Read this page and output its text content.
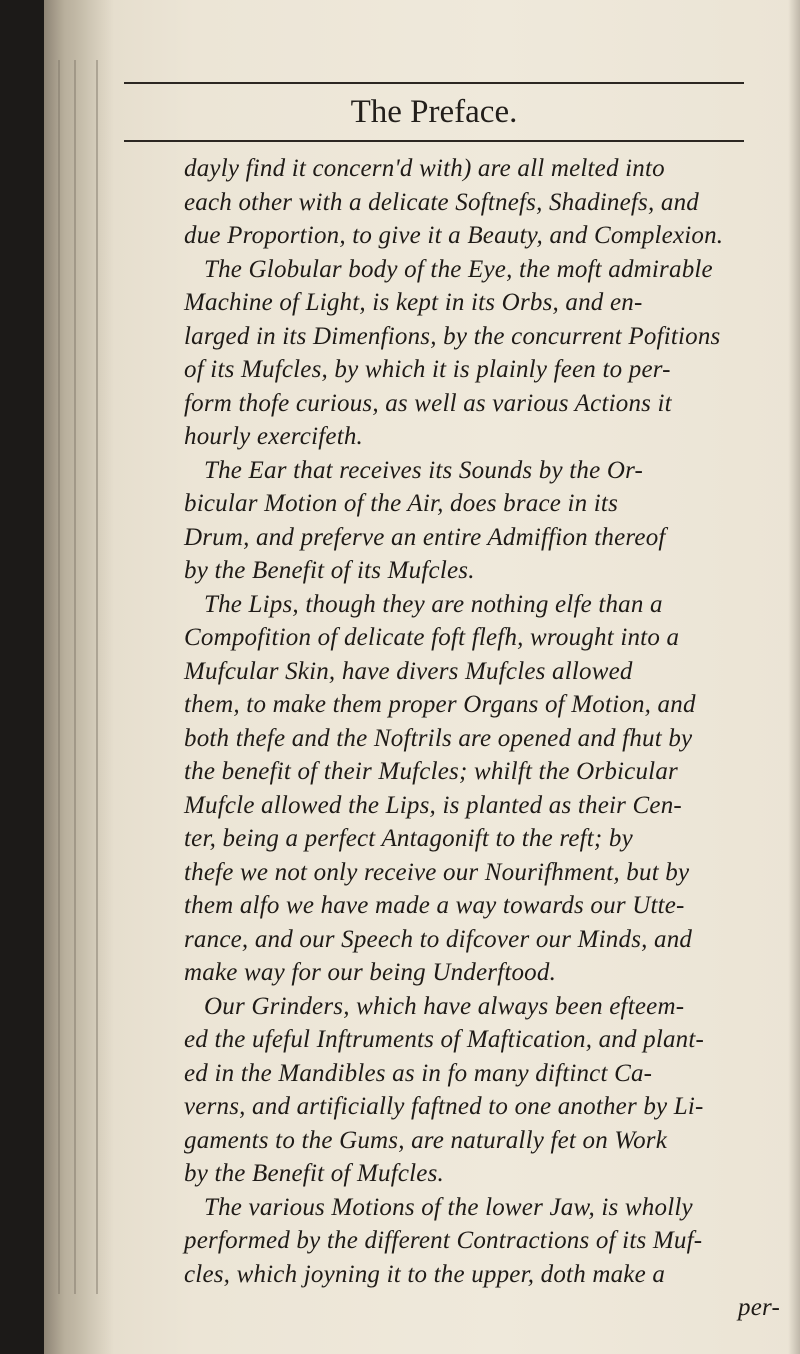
The Preface.
dayly find it concern'd with) are all melted into
each other with a delicate Softnefs, Shadinefs, and
due Proportion, to give it a Beauty, and Complexion.
The Globular body of the Eye, the moft admirable
Machine of Light, is kept in its Orbs, and en-
larged in its Dimenfions, by the concurrent Pofitions
of its Mufcles, by which it is plainly feen to per-
form thofe curious, as well as various Actions it
hourly exercifeth.
The Ear that receives its Sounds by the Or-
bicular Motion of the Air, does brace in its
Drum, and preferve an entire Admiffion thereof
by the Benefit of its Mufcles.
The Lips, though they are nothing elfe than a
Compofition of delicate foft flefh, wrought into a
Mufcular Skin, have divers Mufcles allowed
them, to make them proper Organs of Motion, and
both thefe and the Noftrils are opened and fhut by
the benefit of their Mufcles; whilft the Orbicular
Mufcle allowed the Lips, is planted as their Cen-
ter, being a perfect Antagonift to the reft; by
thefe we not only receive our Nourifhment, but by
them alfo we have made a way towards our Utte-
rance, and our Speech to difcover our Minds, and
make way for our being Underftood.
Our Grinders, which have always been efteem-
ed the ufeful Inftruments of Maftication, and plant-
ed in the Mandibles as in fo many diftinct Ca-
verns, and artificially faftned to one another by Li-
gaments to the Gums, are naturally fet on Work
by the Benefit of Mufcles.
The various Motions of the lower Jaw, is wholly
performed by the different Contractions of its Muf-
cles, which joyning it to the upper, doth make a
per-
